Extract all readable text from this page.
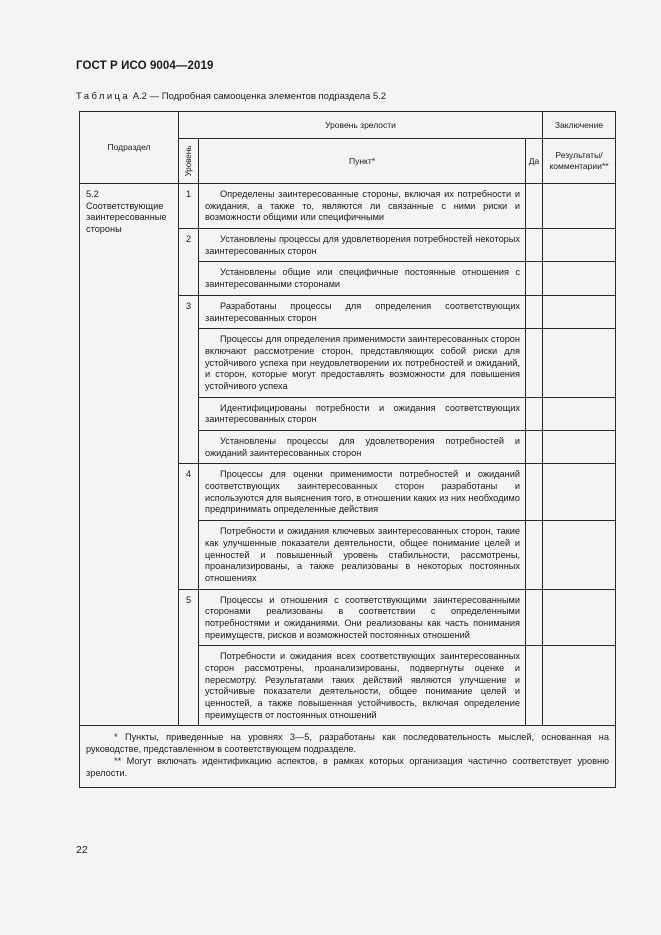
ГОСТ Р ИСО 9004—2019
Таблица А.2 — Подробная самооценка элементов подраздела 5.2
Подраздел	Уровень зрелости			Заключение

	Уровень	Пункт*	Да	Результаты/ комментарии**
5.2 Соответствующие заинтересованные стороны	1	Определены заинтересованные стороны, включая их потребности и ожидания, а также то, являются ли связанные с ними риски и возможности общими или специфичными		
	2	Установлены процессы для удовлетворения потребностей некоторых заинтересованных сторон		
		Установлены общие или специфичные постоянные отношения с заинтересованными сторонами		
	3	Разработаны процессы для определения соответствующих заинтересованных сторон		
		Процессы для определения применимости заинтересованных сторон включают рассмотрение сторон, представляющих собой риски для устойчивого успеха при неудовлетворении их потребностей и ожиданий, и сторон, которые могут предоставлять возможности для повышения устойчивого успеха		
		Идентифицированы потребности и ожидания соответствующих заинтересованных сторон		
		Установлены процессы для удовлетворения потребностей и ожиданий заинтересованных сторон		
	4	Процессы для оценки применимости потребностей и ожиданий соответствующих заинтересованных сторон разработаны и используются для выяснения того, в отношении каких из них необходимо предпринимать определенные действия		
		Потребности и ожидания ключевых заинтересованных сторон, такие как улучшенные показатели деятельности, общее понимание целей и ценностей и повышенный уровень стабильности, рассмотрены, проанализированы, а также реализованы в некоторых постоянных отношениях		
	5	Процессы и отношения с соответствующими заинтересованными сторонами реализованы в соответствии с определенными потребностями и ожиданиями. Они реализованы как часть понимания преимуществ, рисков и возможностей постоянных отношений		
		Потребности и ожидания всех соответствующих заинтересованных сторон рассмотрены, проанализированы, подвергнуты оценке и пересмотру. Результатами таких действий являются улучшение и устойчивые показатели деятельности, общее понимание целей и ценностей, а также повышенная устойчивость, включая определение преимуществ от постоянных отношений		

* Пункты, приведенные на уровнях 3—5, разработаны как последовательность мыслей, основанная на руководстве, представленном в соответствующем подразделе.

** Могут включать идентификацию аспектов, в рамках которых организация частично соответствует уровню зрелости.				

22
